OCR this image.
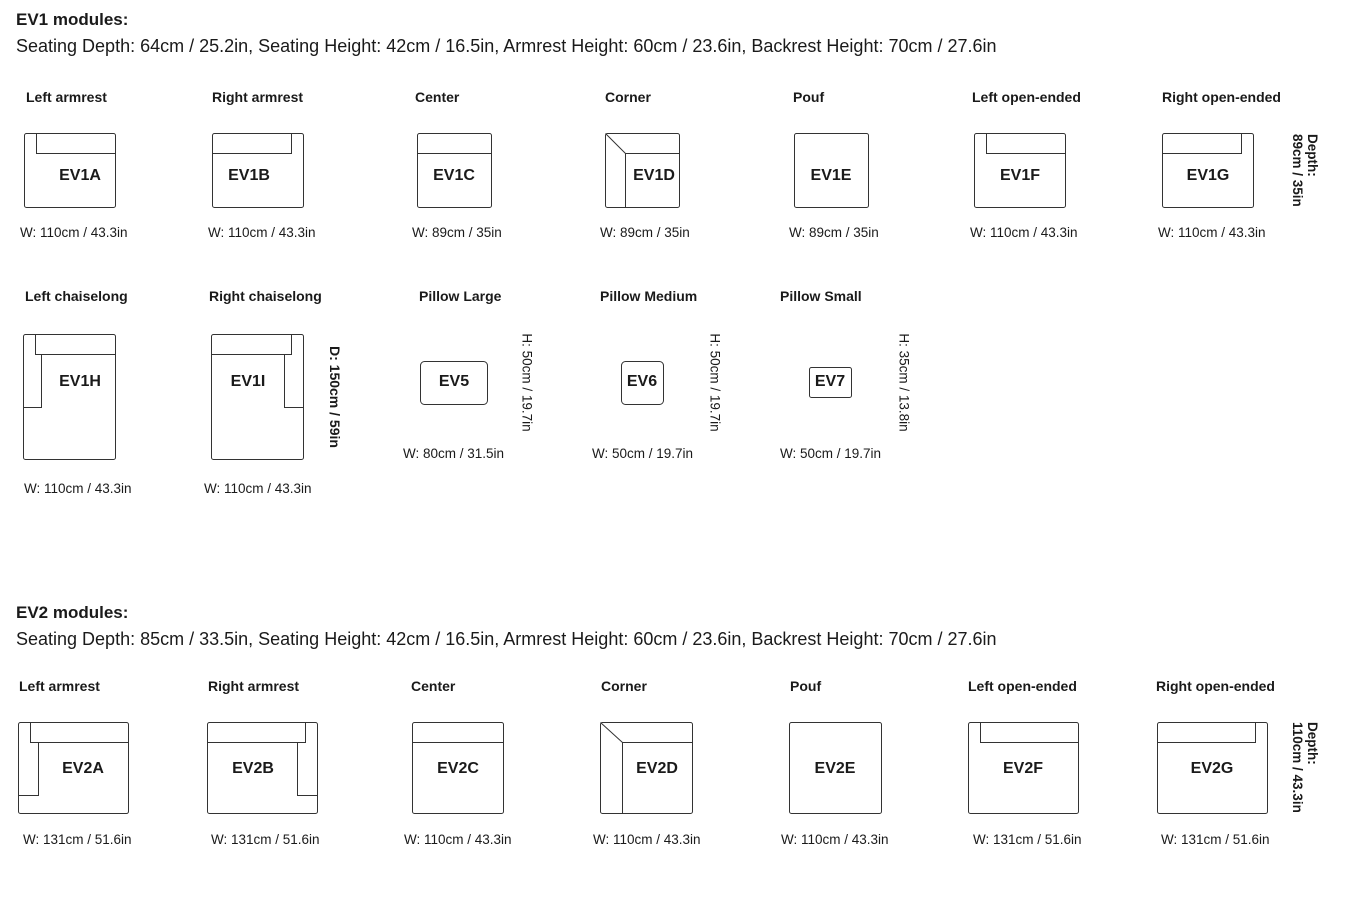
EV1 modules:
Seating Depth: 64cm / 25.2in, Seating Height: 42cm / 16.5in, Armrest Height: 60cm / 23.6in, Backrest Height: 70cm / 27.6in
Left armrest	Right armrest	Center	Corner	Pouf	Left open-ended	Right open-ended
EV1A	EV1B	EV1C	EV1D	EV1E	EV1F	EV1G	Depth:
89cm / 35in
W: 110cm / 43.3in	W: 110cm / 43.3in	W: 89cm / 35in	W: 89cm / 35in	W: 89cm / 35in	W: 110cm / 43.3in	W: 110cm / 43.3in
Left chaiselong	Right chaiselong	Pillow Large	Pillow Medium	Pillow Small
EV1H	EV1I	D: 150cm / 59in	EV5	H: 50cm / 19.7in	EV6	H: 50cm / 19.7in	EV7	H: 35cm / 13.8in
W: 80cm / 31.5in	W: 50cm / 19.7in	W: 50cm / 19.7in
W: 110cm / 43.3in	W: 110cm / 43.3in
EV2 modules:
Seating Depth: 85cm / 33.5in, Seating Height: 42cm / 16.5in, Armrest Height: 60cm / 23.6in, Backrest Height: 70cm / 27.6in
Left armrest	Right armrest	Center	Corner	Pouf	Left open-ended	Right open-ended
EV2A	EV2B	EV2C	EV2D	EV2E	EV2F	EV2G
Depth:
110cm / 43.3in
W: 131cm / 51.6in	W: 131cm / 51.6in	W: 110cm / 43.3in	W: 110cm / 43.3in	W: 110cm / 43.3in	W: 131cm / 51.6in	W: 131cm / 51.6in
